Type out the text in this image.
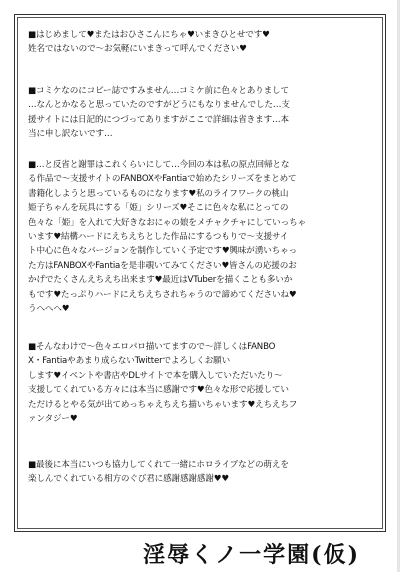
■はじめまして♥またはおひさこんにちゃ♥いまきひとせです♥
姓名ではないので～お気軽にいまきって呼んでください♥
■コミケなのにコピー誌ですみません…コミケ前に色々とありまして
…なんとかなると思っていたのですがどうにもなりませんでした…支
援サイトには日記的につづってありますがここで詳細は省きます…本
当に申し訳ないです…
■…と反省と謝罪はこれくらいにして…今回の本は私の原点回帰とな
る作品で～支援サイトのFANBOXやFantiaで始めたシリーズをまとめて
書籍化しようと思っているものになります♥私のライフワークの桃山
姫子ちゃんを玩具にする「姫」シリーズ♥そこに色々な私にとっての
色々な「姫」を入れて大好きなおにゃの娘をメチャクチャにしていっちゃ
います♥結構ハードにえちえちとした作品にするつもりで～支援サイ
ト中心に色々なバージョンを制作していく予定です♥興味が湧いちゃっ
た方はFANBOXやFantiaを是非覗いてみてください♥皆さんの応援のお
かげでたくさんえちえち出来ます♥最近はVTuberを描くことも多いか
もです♥たっぷりハードにえちえちされちゃうので諦めてくださいね♥
うへへへ♥
■そんなわけで～色々エロパロ描いてますので～詳しくはFANBO
X・Fantiaやあまり成らないTwitterでよろしくお願い
します♥イベントや書店やDLサイトで本を購入していただいたり～
支援してくれている方々には本当に感謝です♥色々な形で応援してい
ただけるとやる気が出てめっちゃえちえち描いちゃいます♥えちえちフ
ァンタジー♥
■最後に本当にいつも協力してくれて一緒にホロライブなどの萌えを
楽しんでくれている相方のぐび君に感謝感謝感謝♥♥
淫辱くノ一学園(仮)
